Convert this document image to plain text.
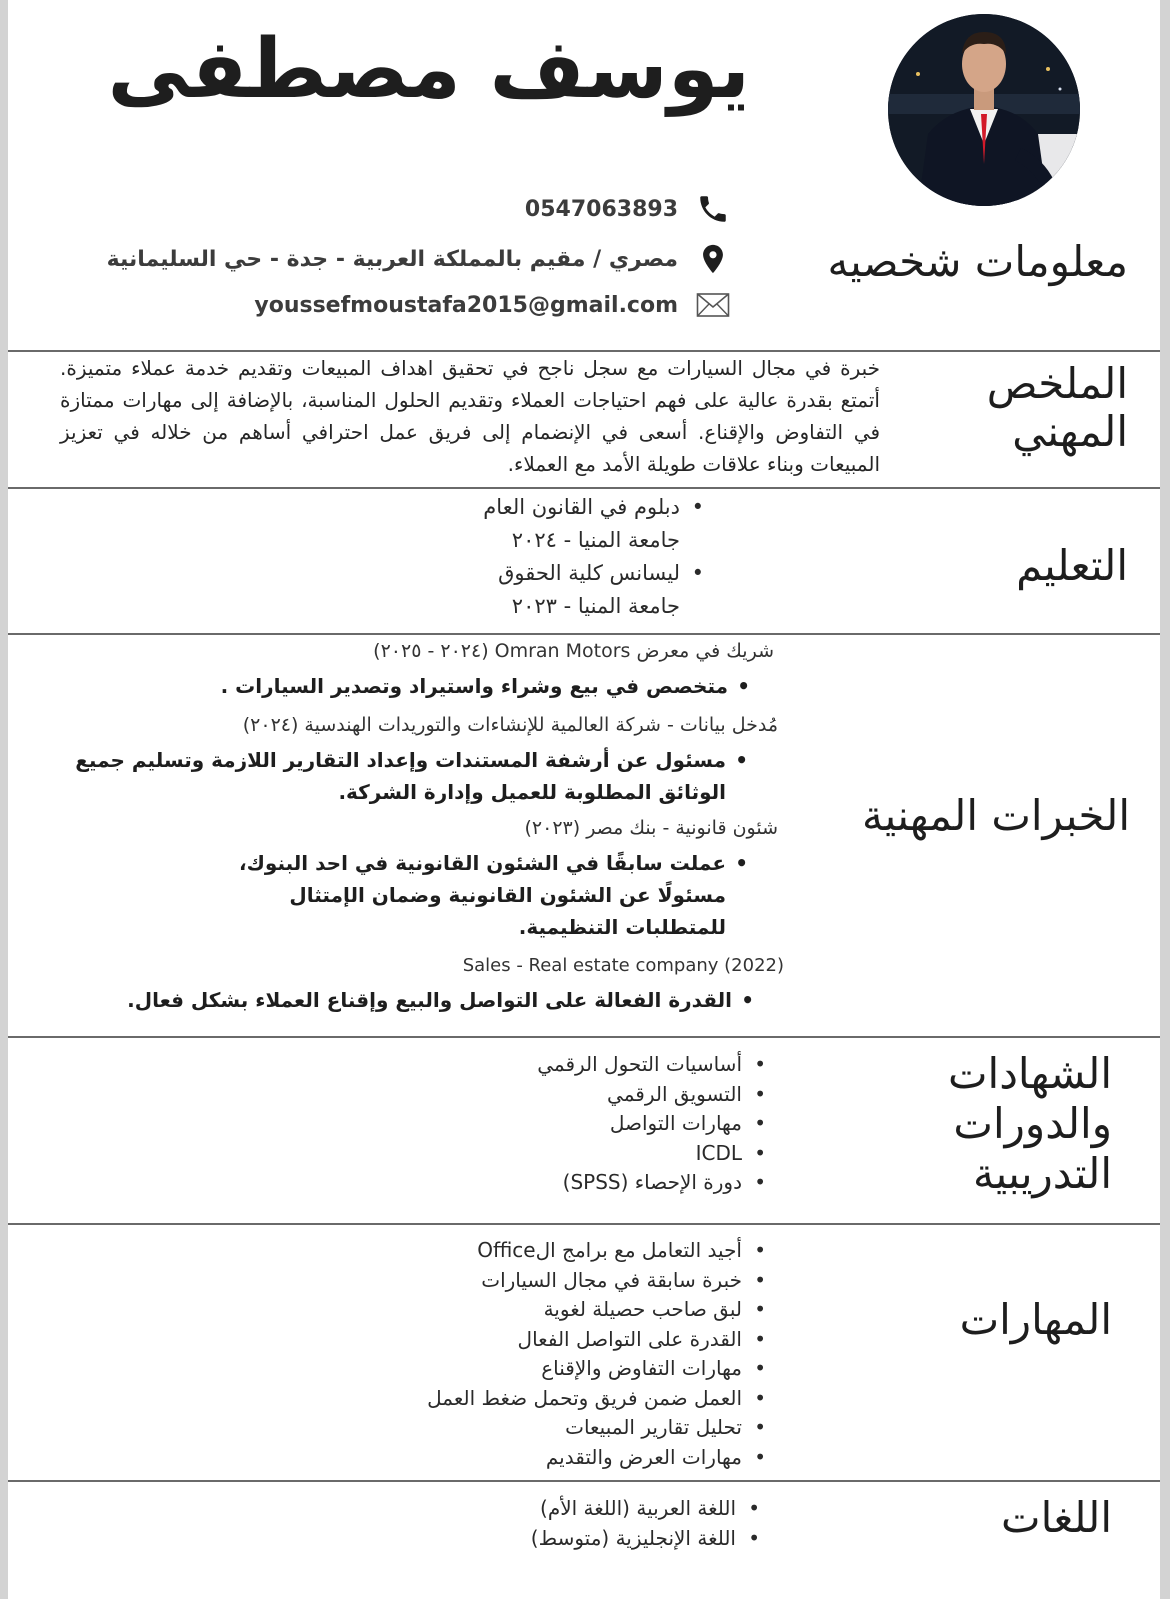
يوسف مصطفى
0547063893
مصري / مقيم بالمملكة العربية - جدة - حي السليمانية
youssefmoustafa2015@gmail.com
معلومات شخصيه
الملخص
المهني
خبرة في مجال السيارات مع سجل ناجح في تحقيق اهداف المبيعات وتقديم خدمة عملاء متميزة. أتمتع بقدرة عالية على فهم احتياجات العملاء وتقديم الحلول المناسبة، بالإضافة إلى مهارات ممتازة في التفاوض والإقناع. أسعى في الإنضمام إلى فريق عمل احترافي أساهم من خلاله في تعزيز المبيعات وبناء علاقات طويلة الأمد مع العملاء.
التعليم
•
دبلوم في القانون العام
جامعة المنيا - ٢٠٢٤
•
ليسانس كلية الحقوق
جامعة المنيا - ٢٠٢٣
الخبرات المهنية
شريك في معرض Omran Motors (٢٠٢٤ - ٢٠٢٥)
•
متخصص في بيع وشراء واستيراد وتصدير السيارات .
مُدخل بيانات - شركة العالمية للإنشاءات والتوريدات الهندسية (٢٠٢٤)
•
مسئول عن أرشفة المستندات وإعداد التقارير اللازمة وتسليم جميع
الوثائق المطلوبة للعميل وإدارة الشركة.
شئون قانونية - بنك مصر (٢٠٢٣)
•
عملت سابقًا في الشئون القانونية في احد البنوك،
مسئولًا عن الشئون القانونية وضمان الإمتثال
للمتطلبات التنظيمية.
Sales - Real estate company (2022)
•
القدرة الفعالة على التواصل والبيع وإقناع العملاء بشكل فعال.
الشهادات
والدورات
التدريبية
• أساسيات التحول الرقمي
• التسويق الرقمي
• مهارات التواصل
• ICDL
• دورة الإحصاء (SPSS)
المهارات
• أجيد التعامل مع برامج الOffice
• خبرة سابقة في مجال السيارات
• لبق صاحب حصيلة لغوية
• القدرة على التواصل الفعال
• مهارات التفاوض والإقناع
• العمل ضمن فريق وتحمل ضغط العمل
• تحليل تقارير المبيعات
• مهارات العرض والتقديم
اللغات
• اللغة العربية (اللغة الأم)
• اللغة الإنجليزية (متوسط)
